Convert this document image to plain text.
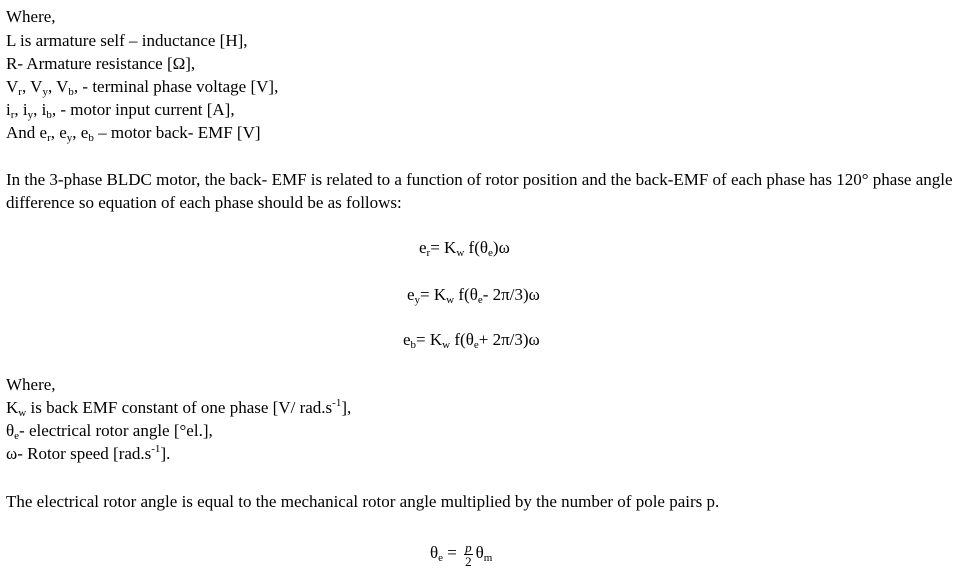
Where,
L is armature self – inductance [H],
R- Armature resistance [Ω],
$V_r$, $V_y$, $V_b$, - terminal phase voltage [V],
$i_r$, $i_y$, $i_b$, - motor input current [A],
And $e_r$, $e_y$, $e_b$ – motor back- EMF [V]
In the 3-phase BLDC motor, the back- EMF is related to a function of rotor position and the back-EMF of each phase has 120° phase angle difference so equation of each phase should be as follows:
$e_r= K_w$ $f(\theta_e)\omega$
$e_y= K_w$ $f(\theta_e-$ 2π/3)ω
$e_b= K_w$ $f(\theta_e+ 2\pi/3)\omega$
Where,
$K_w$ is back EMF constant of one phase [V/ $rad.s^{-1}$],
$\theta_e-$ electrical rotor angle [°el.],
ω- Rotor speed $[rad.s^{-1}]$.
The electrical rotor angle is equal to the mechanical rotor angle multiplied by the number of pole pairs p.
$\theta_e = \frac{p}{2} \theta_m$
